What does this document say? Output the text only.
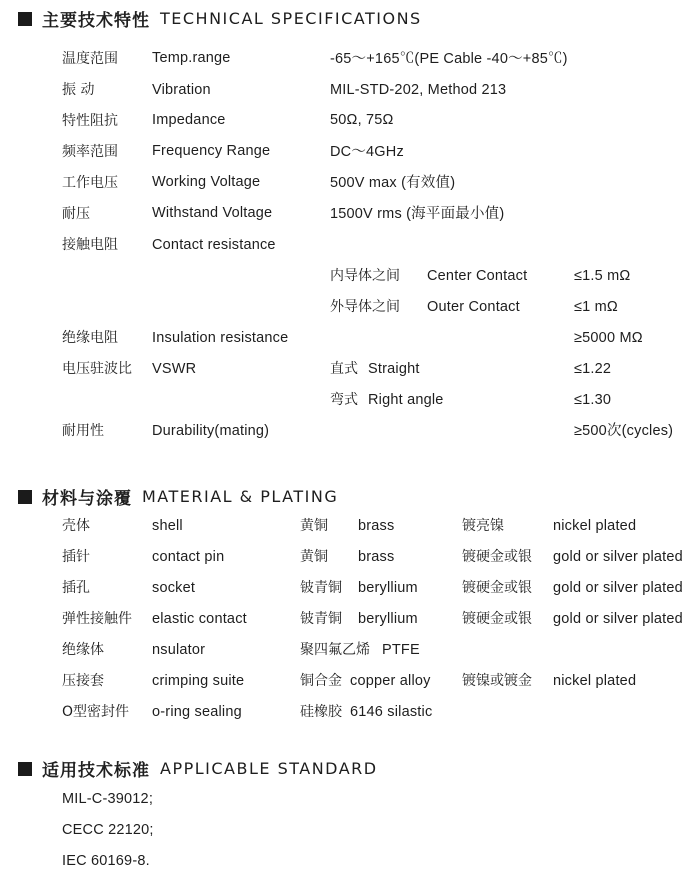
主要技术特性 TECHNICAL SPECIFICATIONS
温度范围 Temp.range	-65～+165℃(PE Cable -40～+85℃)
振 动	Vibration	MIL-STD-202, Method 213
特性阻抗 Impedance	50Ω, 75Ω
频率范围 Frequency Range	DC～4GHz
工作电压 Working Voltage	500V max (有效值)
耐压	Withstand Voltage	1500V rms (海平面最小值)
接触电阻 Contact resistance
内导体之间 Center Contact	≤1.5 mΩ
外导体之间 Outer Contact	≤1 mΩ
绝缘电阻 Insulation resistance	≥5000 MΩ
电压驻波比 VSWR	直式 Straight	≤1.22
弯式 Right angle	≤1.30
耐用性	Durability(mating)	≥500次(cycles)
材料与涂覆 MATERIAL & PLATING
壳体	shell	黄铜 brass	镀亮镍	nickel plated
插针	contact pin	黄铜 brass	镀硬金或银 gold or silver plated
插孔	socket	铍青铜 beryllium	镀硬金或银 gold or silver plated
弹性接触件 elastic contact	铍青铜 beryllium	镀硬金或银 gold or silver plated
绝缘体	nsulator	聚四氟乙烯 PTFE
压接套	crimping suite	铜合金 copper alloy 镀镍或镀金 nickel plated
O型密封件 o-ring sealing	硅橡胶 6146 silastic
适用技术标准 APPLICABLE STANDARD
MIL-C-39012;
CECC 22120;
IEC 60169-8.
